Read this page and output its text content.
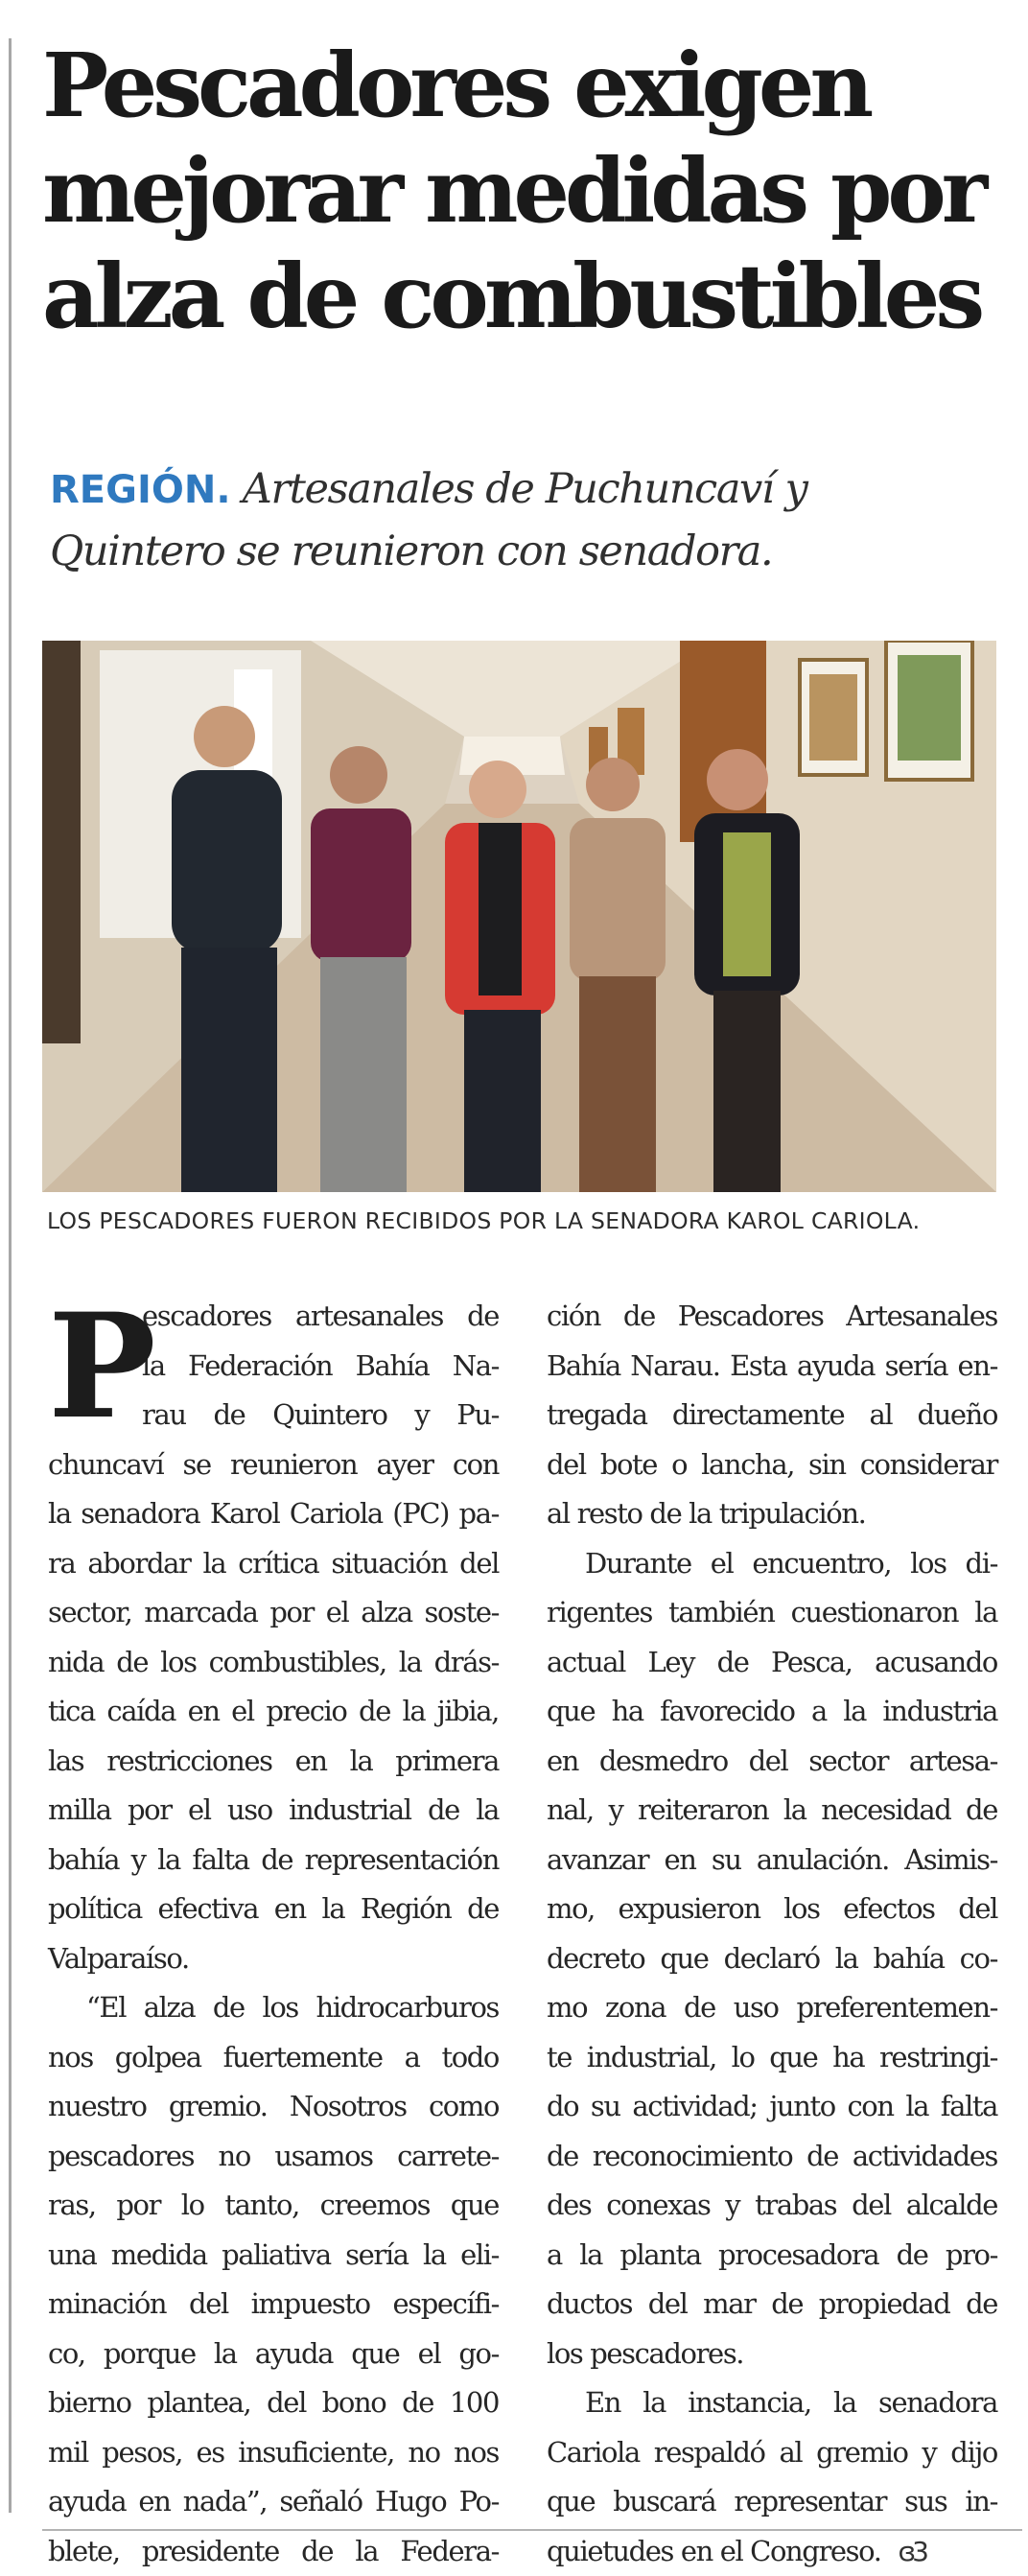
Pescadores exigen
mejorar medidas por
alza de combustibles

REGIÓN. Artesanales de Puchuncaví y
Quintero se reunieron con senadora.

LOS PESCADORES FUERON RECIBIDOS POR LA SENADORA KAROL CARIOLA.

P
escadores artesanales de
la Federación Bahía Na-
rau de Quintero y Pu-
chuncaví se reunieron ayer con
la senadora Karol Cariola (PC) pa-
ra abordar la crítica situación del
sector, marcada por el alza soste-
nida de los combustibles, la drás-
tica caída en el precio de la jibia,
las restricciones en la primera
milla por el uso industrial de la
bahía y la falta de representación
política efectiva en la Región de
Valparaíso.
“El alza de los hidrocarburos
nos golpea fuertemente a todo
nuestro gremio. Nosotros como
pescadores no usamos carrete-
ras, por lo tanto, creemos que
una medida paliativa sería la eli-
minación del impuesto específi-
co, porque la ayuda que el go-
bierno plantea, del bono de 100
mil pesos, es insuficiente, no nos
ayuda en nada”, señaló Hugo Po-
blete, presidente de la Federa-
ción de Pescadores Artesanales
Bahía Narau. Esta ayuda sería en-
tregada directamente al dueño
del bote o lancha, sin considerar
al resto de la tripulación.
Durante el encuentro, los di-
rigentes también cuestionaron la
actual Ley de Pesca, acusando
que ha favorecido a la industria
en desmedro del sector artesa-
nal, y reiteraron la necesidad de
avanzar en su anulación. Asimis-
mo, expusieron los efectos del
decreto que declaró la bahía co-
mo zona de uso preferentemen-
te industrial, lo que ha restringi-
do su actividad; junto con la falta
de reconocimiento de actividades
des conexas y trabas del alcalde
a la planta procesadora de pro-
ductos del mar de propiedad de
los pescadores.
En la instancia, la senadora
Cariola respaldó al gremio y dijo
que buscará representar sus in-
quietudes en el Congreso. ɞ3
